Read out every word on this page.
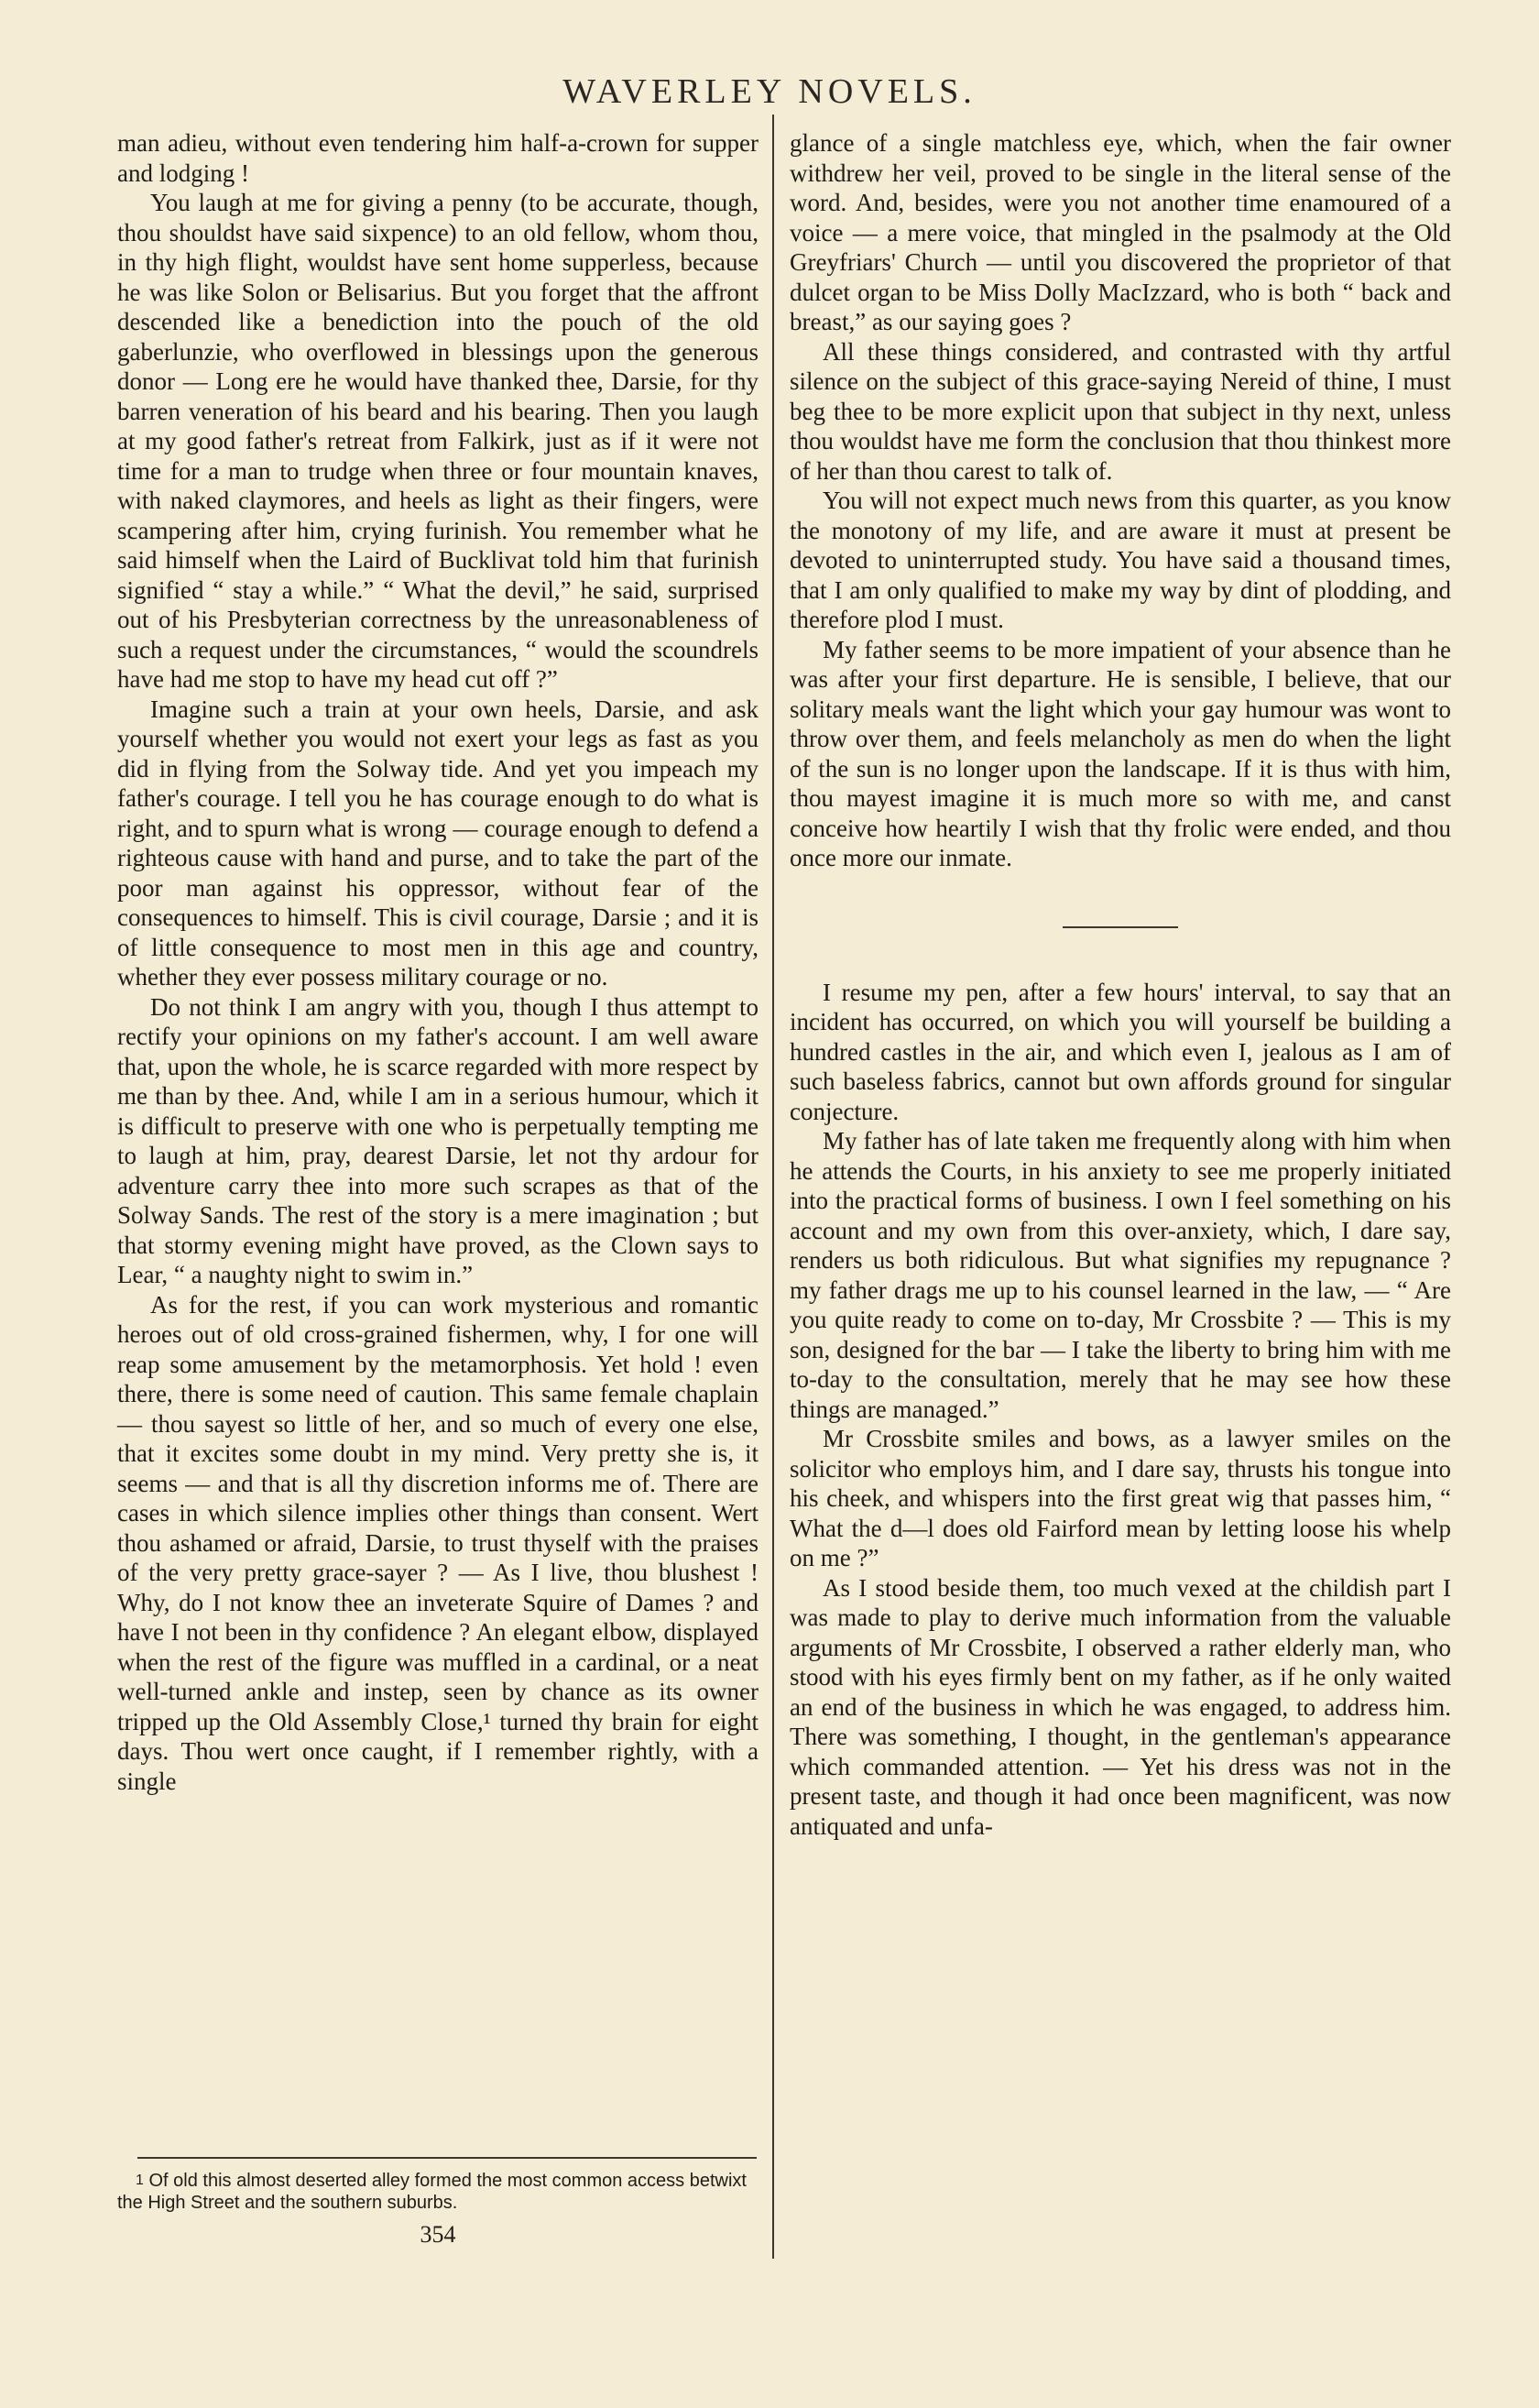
WAVERLEY NOVELS.

man adieu, without even tendering him half-a-crown for supper and lodging !

You laugh at me for giving a penny (to be accurate, though, thou shouldst have said sixpence) to an old fellow, whom thou, in thy high flight, wouldst have sent home supperless, because he was like Solon or Belisarius. But you forget that the affront descended like a benediction into the pouch of the old gaberlunzie, who overflowed in blessings upon the generous donor — Long ere he would have thanked thee, Darsie, for thy barren veneration of his beard and his bearing. Then you laugh at my good father's retreat from Falkirk, just as if it were not time for a man to trudge when three or four mountain knaves, with naked claymores, and heels as light as their fingers, were scampering after him, crying furinish. You remember what he said himself when the Laird of Bucklivat told him that furinish signified “ stay a while.” “ What the devil,” he said, surprised out of his Presbyterian correctness by the unreasonableness of such a request under the circumstances, “ would the scoundrels have had me stop to have my head cut off ?”

Imagine such a train at your own heels, Darsie, and ask yourself whether you would not exert your legs as fast as you did in flying from the Solway tide. And yet you impeach my father's courage. I tell you he has courage enough to do what is right, and to spurn what is wrong — courage enough to defend a righteous cause with hand and purse, and to take the part of the poor man against his oppressor, without fear of the consequences to himself. This is civil courage, Darsie ; and it is of little consequence to most men in this age and country, whether they ever possess military courage or no.

Do not think I am angry with you, though I thus attempt to rectify your opinions on my father's account. I am well aware that, upon the whole, he is scarce regarded with more respect by me than by thee. And, while I am in a serious humour, which it is difficult to preserve with one who is perpetually tempting me to laugh at him, pray, dearest Darsie, let not thy ardour for adventure carry thee into more such scrapes as that of the Solway Sands. The rest of the story is a mere imagination ; but that stormy evening might have proved, as the Clown says to Lear, “ a naughty night to swim in.”

As for the rest, if you can work mysterious and romantic heroes out of old cross-grained fishermen, why, I for one will reap some amusement by the metamorphosis. Yet hold ! even there, there is some need of caution. This same female chaplain — thou sayest so little of her, and so much of every one else, that it excites some doubt in my mind. Very pretty she is, it seems — and that is all thy discretion informs me of. There are cases in which silence implies other things than consent. Wert thou ashamed or afraid, Darsie, to trust thyself with the praises of the very pretty grace-sayer ? — As I live, thou blushest ! Why, do I not know thee an inveterate Squire of Dames ? and have I not been in thy confidence ? An elegant elbow, displayed when the rest of the figure was muffled in a cardinal, or a neat well-turned ankle and instep, seen by chance as its owner tripped up the Old Assembly Close,¹ turned thy brain for eight days. Thou wert once caught, if I remember rightly, with a single

glance of a single matchless eye, which, when the fair owner withdrew her veil, proved to be single in the literal sense of the word. And, besides, were you not another time enamoured of a voice — a mere voice, that mingled in the psalmody at the Old Greyfriars' Church — until you discovered the proprietor of that dulcet organ to be Miss Dolly MacIzzard, who is both “ back and breast,” as our saying goes ?

All these things considered, and contrasted with thy artful silence on the subject of this grace-saying Nereid of thine, I must beg thee to be more explicit upon that subject in thy next, unless thou wouldst have me form the conclusion that thou thinkest more of her than thou carest to talk of.

You will not expect much news from this quarter, as you know the monotony of my life, and are aware it must at present be devoted to uninterrupted study. You have said a thousand times, that I am only qualified to make my way by dint of plodding, and therefore plod I must.

My father seems to be more impatient of your absence than he was after your first departure. He is sensible, I believe, that our solitary meals want the light which your gay humour was wont to throw over them, and feels melancholy as men do when the light of the sun is no longer upon the landscape. If it is thus with him, thou mayest imagine it is much more so with me, and canst conceive how heartily I wish that thy frolic were ended, and thou once more our inmate.

I resume my pen, after a few hours' interval, to say that an incident has occurred, on which you will yourself be building a hundred castles in the air, and which even I, jealous as I am of such baseless fabrics, cannot but own affords ground for singular conjecture.

My father has of late taken me frequently along with him when he attends the Courts, in his anxiety to see me properly initiated into the practical forms of business. I own I feel something on his account and my own from this over-anxiety, which, I dare say, renders us both ridiculous. But what signifies my repugnance ? my father drags me up to his counsel learned in the law, — “ Are you quite ready to come on to-day, Mr Crossbite ? — This is my son, designed for the bar — I take the liberty to bring him with me to-day to the consultation, merely that he may see how these things are managed.”

Mr Crossbite smiles and bows, as a lawyer smiles on the solicitor who employs him, and I dare say, thrusts his tongue into his cheek, and whispers into the first great wig that passes him, “ What the d—l does old Fairford mean by letting loose his whelp on me ?”

As I stood beside them, too much vexed at the childish part I was made to play to derive much information from the valuable arguments of Mr Crossbite, I observed a rather elderly man, who stood with his eyes firmly bent on my father, as if he only waited an end of the business in which he was engaged, to address him. There was something, I thought, in the gentleman's appearance which commanded attention. — Yet his dress was not in the present taste, and though it had once been magnificent, was now antiquated and unfa-

1 Of old this almost deserted alley formed the most common access betwixt the High Street and the southern suburbs.
354
